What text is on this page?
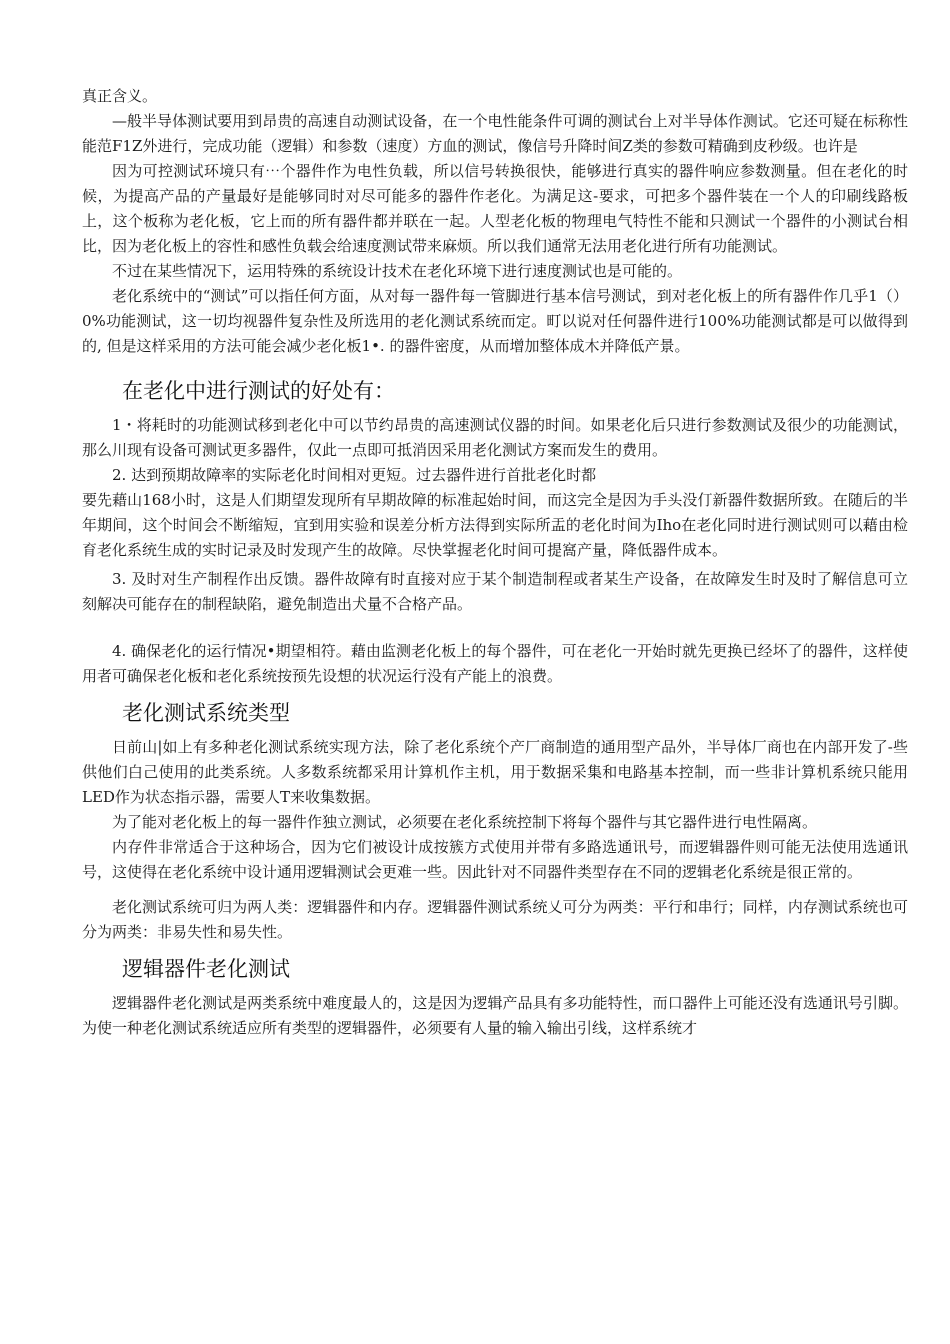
真正含义。

—般半导体测试要用到昂贵的高速自动测试设备，在一个电性能条件可调的测试台上对半导体作测试。它还可疑在标称性能范F1Z外进行，完成功能（逻辑）和参数（速度）方血的测试，像信号升降时间Z类的参数可精确到皮秒级。也许是

因为可控测试环境只有⋯个器件作为电性负载，所以信号转换很快，能够进行真实的器件响应参数测量。但在老化的时候，为提高产品的产量最好是能够同时对尽可能多的器件作老化。为满足这-要求，可把多个器件装在一个人的印刷线路板上，这个板称为老化板，它上而的所有器件都并联在一起。人型老化板的物理电气特性不能和只测试一个器件的小测试台相比，因为老化板上的容性和感性负载会给速度测试带来麻烦。所以我们通常无法用老化进行所有功能测试。

不过在某些情况下，运用特殊的系统设计技术在老化环境下进行速度测试也是可能的。

老化系统中的“测试”可以指任何方面，从对每一器件每一管脚进行基本信号测试，到对老化板上的所有器件作几乎1（）0%功能测试，这一切均视器件复杂性及所选用的老化测试系统而定。町以说对任何器件进行100%功能测试都是可以做得到的, 但是这样采用的方法可能会减少老化板1•. 的器件密度，从而增加整体成木并降低产景。

在老化中进行测试的好处有：

1・将耗时的功能测试移到老化中可以节约昂贵的高速测试仪器的时间。如果老化后只进行参数测试及很少的功能测试，那么川现有设备可测试更多器件，仅此一点即可抵消因采用老化测试方案而发生的费用。

2. 达到预期故障率的实际老化时间相对更短。过去器件进行首批老化时都

要先藉山168小时，这是人们期望发现所有早期故障的标准起始时间，而这完全是因为手头没仃新器件数据所致。在随后的半年期间，这个时间会不断缩短，宜到用实验和误差分析方法得到实际所盂的老化时间为Iho在老化同时进行测试则可以藉由检育老化系统生成的实时记录及时发现产生的故障。尽快掌握老化时间可提窩产量，降低器件成本。

3. 及时对生产制程作出反馈。器件故障有时直接对应于某个制造制程或者某生产设备，在故障发生时及时了解信息可立刻解决可能存在的制程缺陷，避免制造出犬量不合格产品。

4. 确保老化的运行情况•期望相符。藉由监测老化板上的每个器件，可在老化一开始时就先更换已经坏了的器件，这样使用者可确保老化板和老化系统按预先设想的状况运行没有产能上的浪费。

老化测试系统类型

日前山|如上有多种老化测试系统实现方法，除了老化系统个产厂商制造的通用型产品外，半导体厂商也在内部开发了-些供他们白己使用的此类系统。人多数系统都采用计算机作主机，用于数据采集和电路基本控制，而一些非计算机系统只能用LED作为状态指示器，需要人T来收集数据。

为了能对老化板上的每一器件作独立测试，必须要在老化系统控制下将每个器件与其它器件进行电性隔离。

内存件非常适合于这种场合，因为它们被设计成按簇方式使用并带有多路选通讯号，而逻辑器件则可能无法使用选通讯号，这使得在老化系统中设计通用逻辑测试会更难一些。因此针对不同器件类型存在不同的逻辑老化系统是很正常的。

老化测试系统可归为两人类：逻辑器件和内存。逻辑器件测试系统乂可分为两类：平行和串行；同样，内存测试系统也可分为两类：非易失性和易失性。

逻辑器件老化测试

逻辑器件老化测试是两类系统中难度最人的，这是因为逻辑产品具有多功能特性，而口器件上可能还没有选通讯号引脚。为使一种老化测试系统适应所有类型的逻辑器件，必须要有人量的输入输出引线，这样系统才
